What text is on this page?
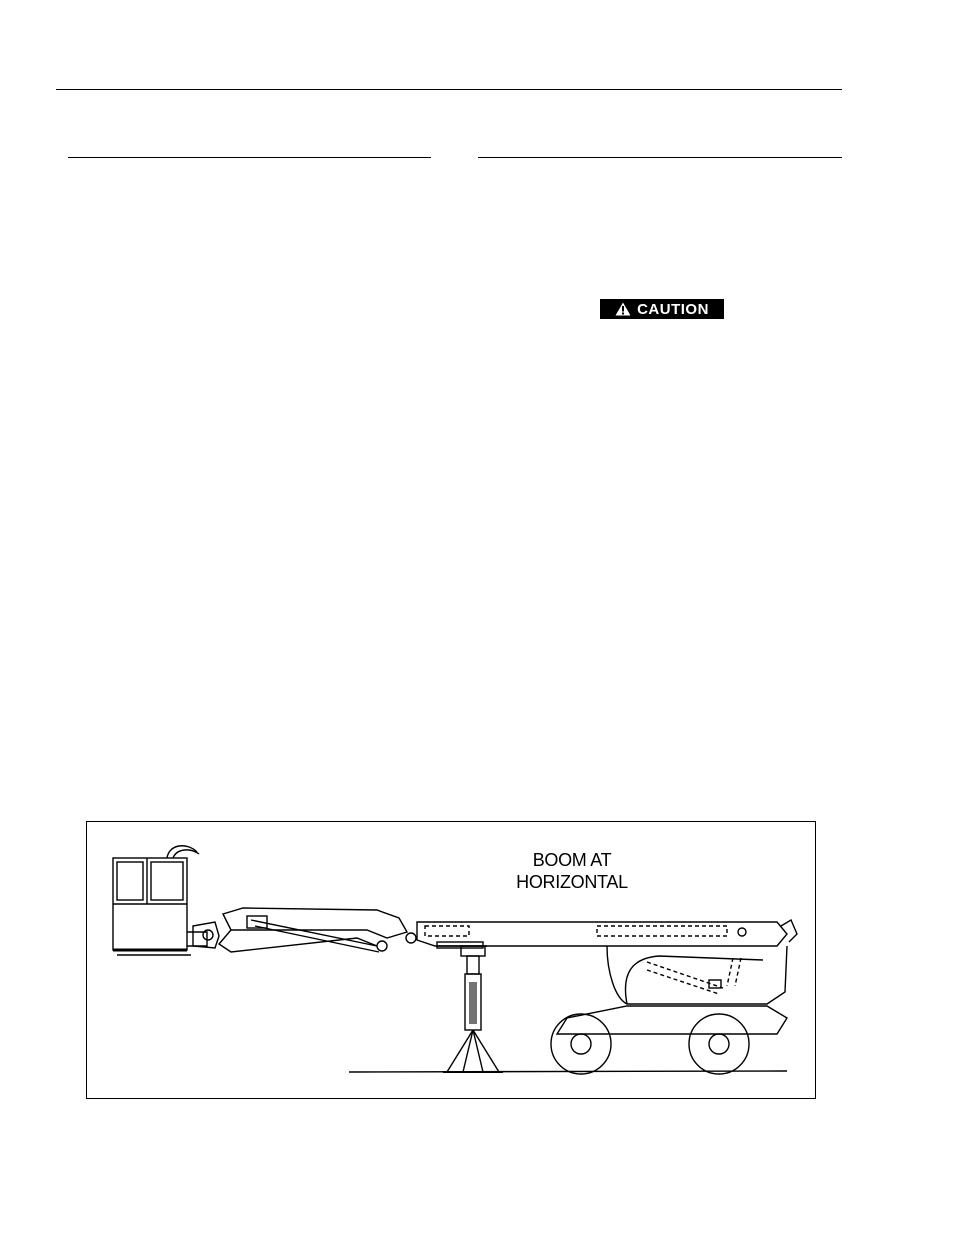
CAUTION
BOOM AT
HORIZONTAL
